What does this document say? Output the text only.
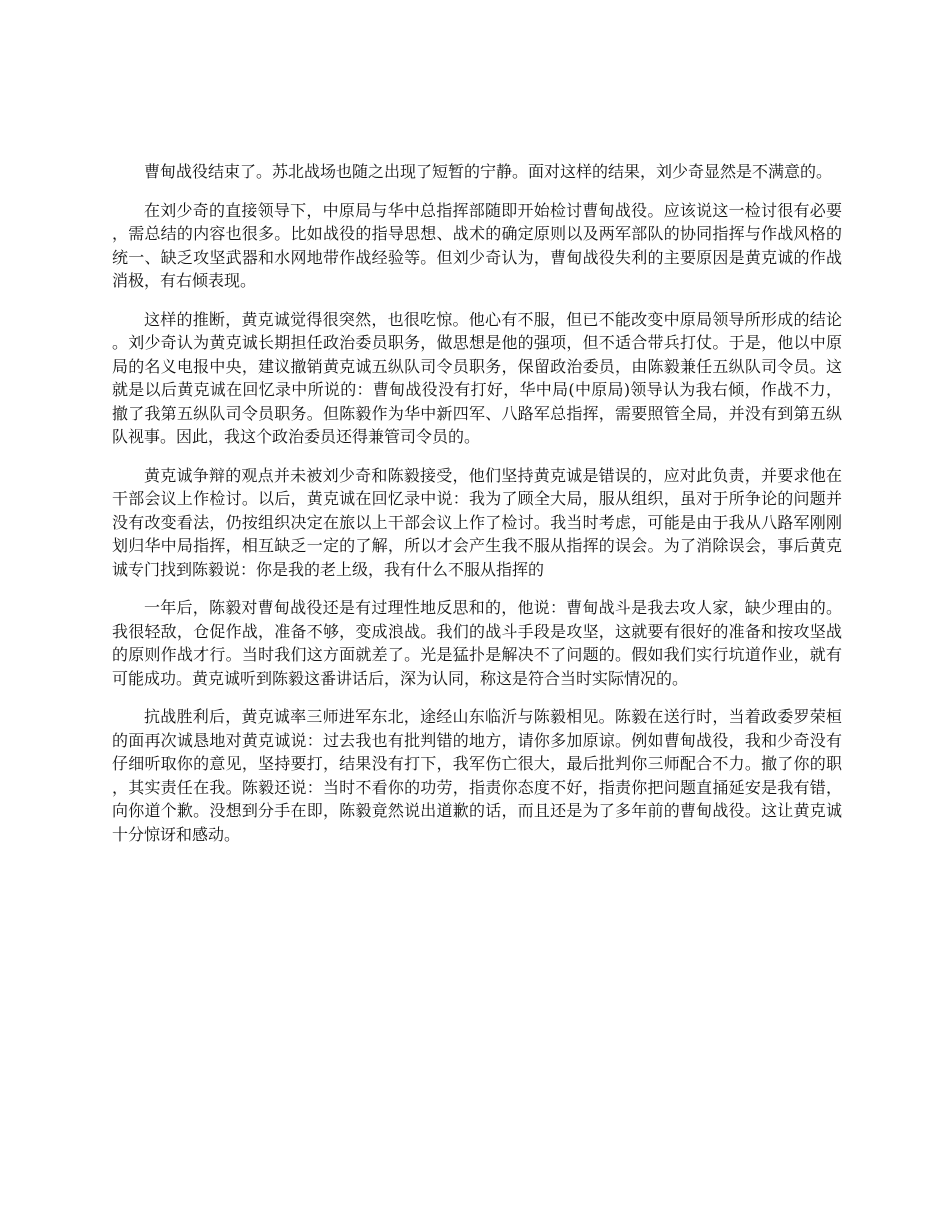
曹甸战役结束了。苏北战场也随之出现了短暂的宁静。面对这样的结果，刘少奇显然是不满意的。

在刘少奇的直接领导下，中原局与华中总指挥部随即开始检讨曹甸战役。应该说这一检讨很有必要，需总结的内容也很多。比如战役的指导思想、战术的确定原则以及两军部队的协同指挥与作战风格的统一、缺乏攻坚武器和水网地带作战经验等。但刘少奇认为，曹甸战役失利的主要原因是黄克诚的作战消极，有右倾表现。

这样的推断，黄克诚觉得很突然，也很吃惊。他心有不服，但已不能改变中原局领导所形成的结论。刘少奇认为黄克诚长期担任政治委员职务，做思想是他的强项，但不适合带兵打仗。于是，他以中原局的名义电报中央，建议撤销黄克诚五纵队司令员职务，保留政治委员，由陈毅兼任五纵队司令员。这就是以后黄克诚在回忆录中所说的：曹甸战役没有打好，华中局(中原局)领导认为我右倾，作战不力，撤了我第五纵队司令员职务。但陈毅作为华中新四军、八路军总指挥，需要照管全局，并没有到第五纵队视事。因此，我这个政治委员还得兼管司令员的。

黄克诚争辩的观点并未被刘少奇和陈毅接受，他们坚持黄克诚是错误的，应对此负责，并要求他在干部会议上作检讨。以后，黄克诚在回忆录中说：我为了顾全大局，服从组织，虽对于所争论的问题并没有改变看法，仍按组织决定在旅以上干部会议上作了检讨。我当时考虑，可能是由于我从八路军刚刚划归华中局指挥，相互缺乏一定的了解，所以才会产生我不服从指挥的误会。为了消除误会，事后黄克诚专门找到陈毅说：你是我的老上级，我有什么不服从指挥的

一年后，陈毅对曹甸战役还是有过理性地反思和的，他说：曹甸战斗是我去攻人家，缺少理由的。我很轻敌，仓促作战，准备不够，变成浪战。我们的战斗手段是攻坚，这就要有很好的准备和按攻坚战的原则作战才行。当时我们这方面就差了。光是猛扑是解决不了问题的。假如我们实行坑道作业，就有可能成功。黄克诚听到陈毅这番讲话后，深为认同，称这是符合当时实际情况的。

抗战胜利后，黄克诚率三师进军东北，途经山东临沂与陈毅相见。陈毅在送行时，当着政委罗荣桓的面再次诚恳地对黄克诚说：过去我也有批判错的地方，请你多加原谅。例如曹甸战役，我和少奇没有仔细听取你的意见，坚持要打，结果没有打下，我军伤亡很大，最后批判你三师配合不力。撤了你的职，其实责任在我。陈毅还说：当时不看你的功劳，指责你态度不好，指责你把问题直捅延安是我有错，向你道个歉。没想到分手在即，陈毅竟然说出道歉的话，而且还是为了多年前的曹甸战役。这让黄克诚十分惊讶和感动。
